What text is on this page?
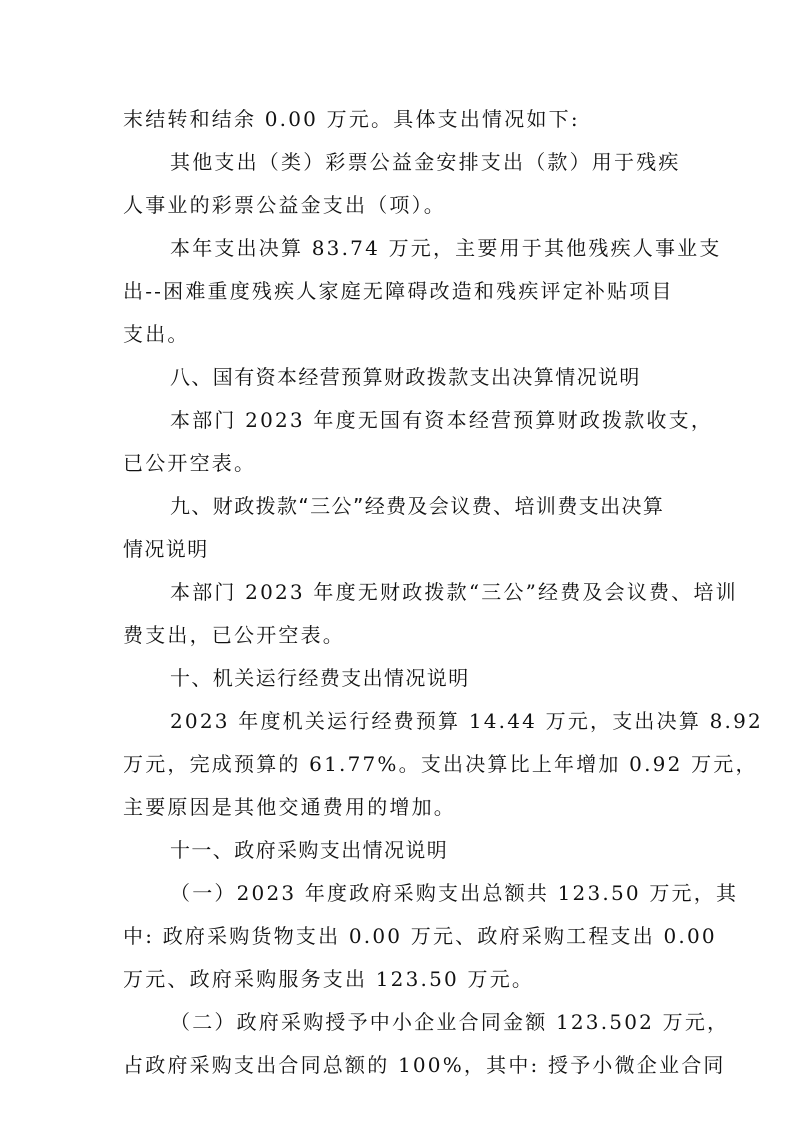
末结转和结余 0.00 万元。具体支出情况如下:
其他支出（类）彩票公益金安排支出（款）用于残疾
人事业的彩票公益金支出（项）。
本年支出决算 83.74 万元，主要用于其他残疾人事业支
出--困难重度残疾人家庭无障碍改造和残疾评定补贴项目
支出。
八、国有资本经营预算财政拨款支出决算情况说明
本部门 2023 年度无国有资本经营预算财政拨款收支，
已公开空表。
九、财政拨款“三公”经费及会议费、培训费支出决算
情况说明
本部门 2023 年度无财政拨款“三公”经费及会议费、培训
费支出，已公开空表。
十、机关运行经费支出情况说明
2023 年度机关运行经费预算 14.44 万元，支出决算 8.92
万元，完成预算的 61.77%。支出决算比上年增加 0.92 万元，
主要原因是其他交通费用的增加。
十一、政府采购支出情况说明
（一）2023 年度政府采购支出总额共 123.50 万元，其
中: 政府采购货物支出 0.00 万元、政府采购工程支出 0.00
万元、政府采购服务支出 123.50 万元。
（二）政府采购授予中小企业合同金额 123.502 万元，
占政府采购支出合同总额的 100%，其中: 授予小微企业合同
